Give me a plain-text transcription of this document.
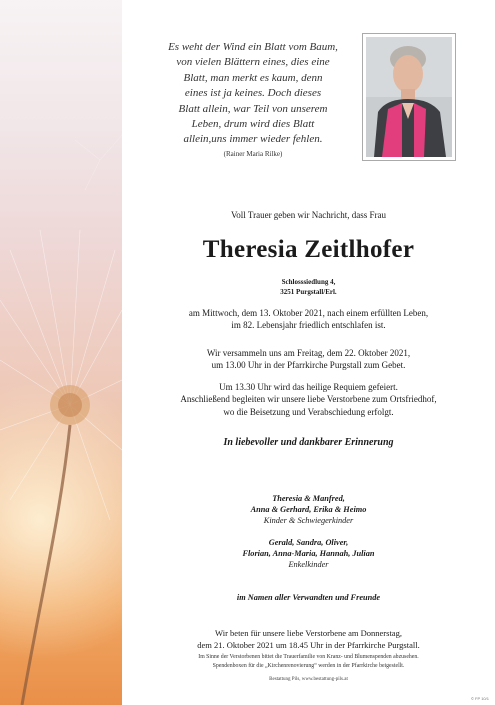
Es weht der Wind ein Blatt vom Baum,
von vielen Blättern eines, dies eine
Blatt, man merkt es kaum, denn
eines ist ja keines. Doch dieses
Blatt allein, war Teil von unserem
Leben, drum wird dies Blatt
allein,uns immer wieder fehlen.
(Rainer Maria Rilke)
Voll Trauer geben wir Nachricht, dass Frau
Theresia Zeitlhofer
Schlosssiedlung 4,
3251 Purgstall/Erl.
am Mittwoch, dem 13. Oktober 2021, nach einem erfüllten Leben,
im 82. Lebensjahr friedlich entschlafen ist.
Wir versammeln uns am Freitag, dem 22. Oktober 2021,
um 13.00 Uhr in der Pfarrkirche Purgstall zum Gebet.
Um 13.30 Uhr wird das heilige Requiem gefeiert.
Anschließend begleiten wir unsere liebe Verstorbene zum Ortsfriedhof,
wo die Beisetzung und Verabschiedung erfolgt.
In liebevoller und dankbarer Erinnerung
Theresia & Manfred,
Anna & Gerhard, Erika & Heimo
Kinder & Schwiegerkinder
Gerald, Sandra, Oliver,
Florian, Anna-Maria, Hannah, Julian
Enkelkinder
im Namen aller Verwandten und Freunde
Wir beten für unsere liebe Verstorbene am Donnerstag,
dem 21. Oktober 2021 um 18.45 Uhr in der Pfarrkirche Purgstall.
Im Sinne der Verstorbenen bittet die Trauerfamilie von Kranz- und Blumenspenden abzusehen.
Spendenboxen für die „Kirchenrenovierung“ werden in der Pfarrkirche beigestellt.
Bestattung Pils, www.bestattung-pils.at
© FP 10/1
